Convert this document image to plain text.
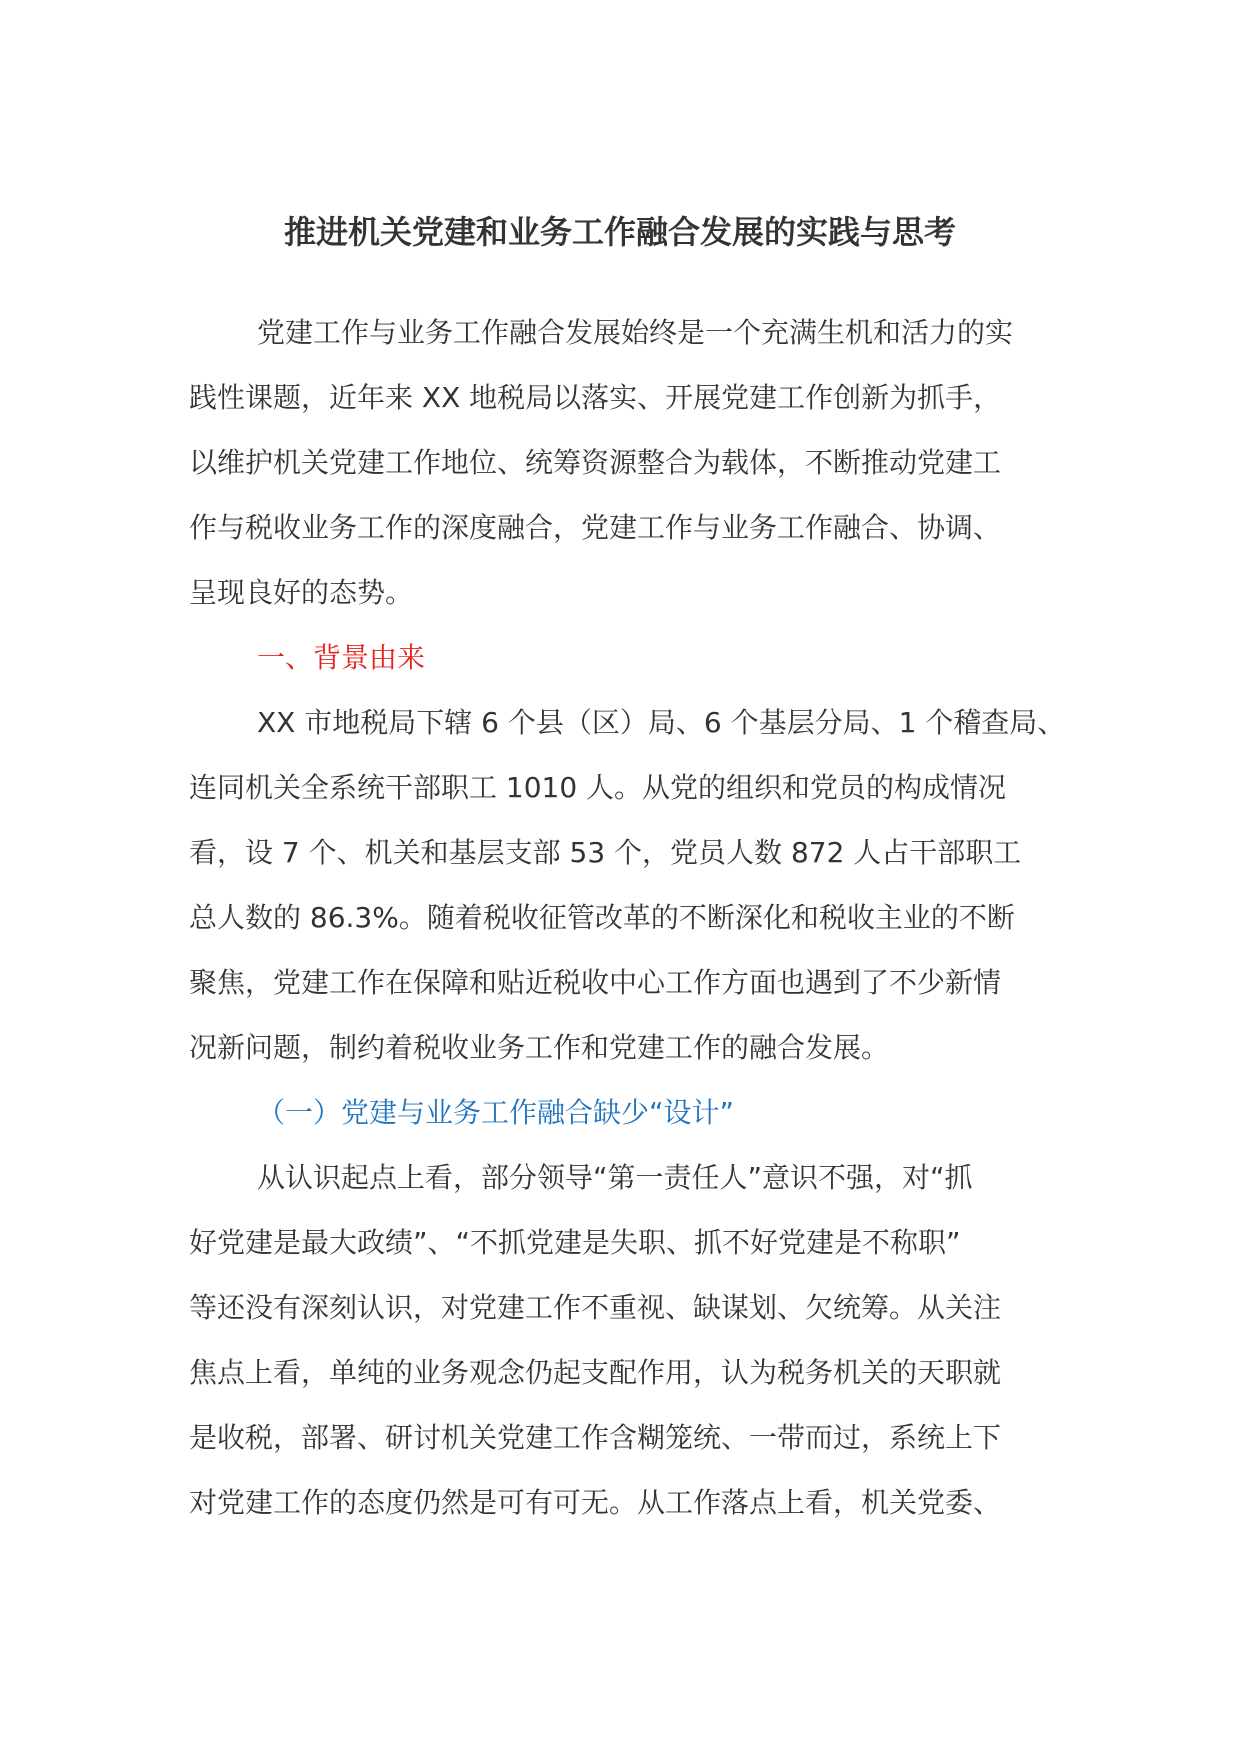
推进机关党建和业务工作融合发展的实践与思考
党建工作与业务工作融合发展始终是一个充满生机和活力的实
践性课题，近年来 XX 地税局以落实、开展党建工作创新为抓手，
以维护机关党建工作地位、统筹资源整合为载体，不断推动党建工
作与税收业务工作的深度融合，党建工作与业务工作融合、协调、
呈现良好的态势。
一、背景由来
XX 市地税局下辖 6 个县（区）局、6 个基层分局、1 个稽查局、
连同机关全系统干部职工 1010 人。从党的组织和党员的构成情况
看，设 7 个、机关和基层支部 53 个，党员人数 872 人占干部职工
总人数的 86.3%。随着税收征管改革的不断深化和税收主业的不断
聚焦，党建工作在保障和贴近税收中心工作方面也遇到了不少新情
况新问题，制约着税收业务工作和党建工作的融合发展。
（一）党建与业务工作融合缺少“设计”
从认识起点上看，部分领导“第一责任人”意识不强，对“抓
好党建是最大政绩”、“不抓党建是失职、抓不好党建是不称职”
等还没有深刻认识，对党建工作不重视、缺谋划、欠统筹。从关注
焦点上看，单纯的业务观念仍起支配作用，认为税务机关的天职就
是收税，部署、研讨机关党建工作含糊笼统、一带而过，系统上下
对党建工作的态度仍然是可有可无。从工作落点上看，机关党委、
